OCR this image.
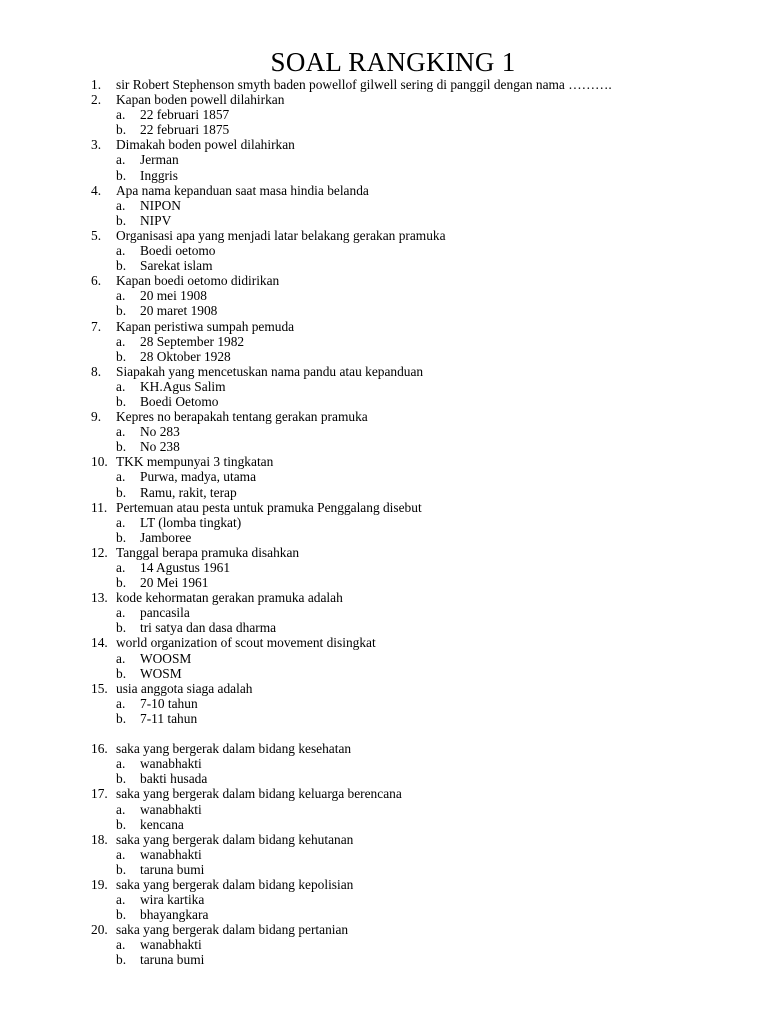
SOAL RANGKING 1
1.	sir Robert Stephenson smyth baden powellof gilwell sering di panggil dengan nama ……….
2.	Kapan boden powell dilahirkan
a. 22 februari 1857
b. 22 februari 1875
3.	Dimakah boden powel dilahirkan
a. Jerman
b. Inggris
4.	Apa nama kepanduan saat masa hindia belanda
a. NIPON
b. NIPV
5.	Organisasi apa yang menjadi latar belakang gerakan pramuka
a. Boedi oetomo
b. Sarekat islam
6.	Kapan boedi oetomo didirikan
a. 20 mei 1908
b. 20 maret 1908
7.	Kapan peristiwa sumpah pemuda
a. 28 September 1982
b. 28 Oktober 1928
8.	Siapakah yang mencetuskan nama pandu atau kepanduan
a. KH.Agus Salim
b. Boedi Oetomo
9.	Kepres no berapakah tentang gerakan pramuka
a. No 283
b. No 238
10. TKK mempunyai 3 tingkatan
a. Purwa, madya, utama
b. Ramu, rakit, terap
11. Pertemuan atau pesta untuk pramuka Penggalang disebut
a. LT (lomba tingkat)
b. Jamboree
12. Tanggal berapa pramuka disahkan
a. 14 Agustus 1961
b. 20 Mei 1961
13. kode kehormatan gerakan pramuka adalah
a. pancasila
b. tri satya dan dasa dharma
14. world organization of scout movement disingkat
a. WOOSM
b. WOSM
15. usia anggota siaga adalah
a. 7-10 tahun
b. 7-11 tahun
16. saka yang bergerak dalam bidang kesehatan
a. wanabhakti
b. bakti husada
17. saka yang bergerak dalam bidang keluarga berencana
a. wanabhakti
b. kencana
18. saka yang bergerak dalam bidang kehutanan
a. wanabhakti
b. taruna bumi
19. saka yang bergerak dalam bidang kepolisian
a. wira kartika
b. bhayangkara
20. saka yang bergerak dalam bidang pertanian
a. wanabhakti
b. taruna bumi
